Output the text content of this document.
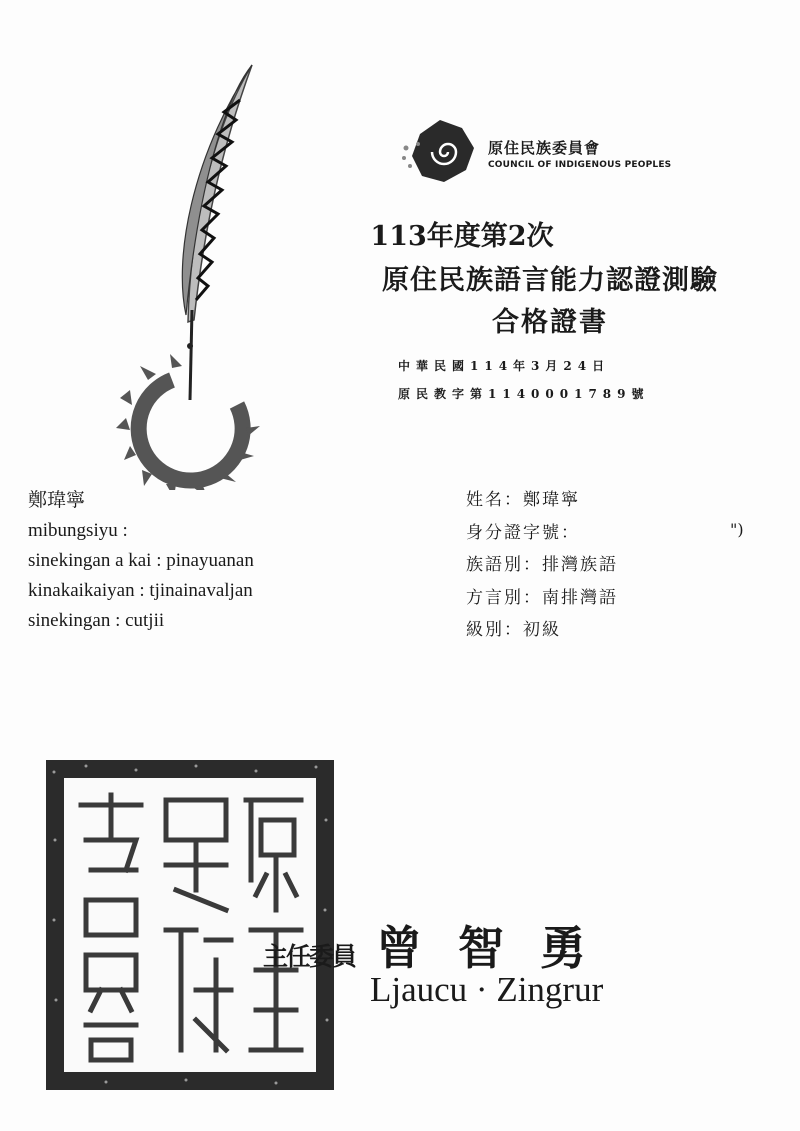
原住民族委員會
COUNCIL OF INDIGENOUS PEOPLES
113年度第2次
原住民族語言能力認證測驗
合格證書
中華民國114年3月24日
原民教字第1140001789號
鄭瑋寧
mibungsiyu :
sinekingan a kai : pinayuanan
kinakaikaiyan : tjinainavaljan
sinekingan : cutjii
姓名：鄭瑋寧
身分證字號：
族語別：排灣族語
方言別：南排灣語
級別：初級
")
主任委員 曾智勇
Ljaucu · Zingrur
